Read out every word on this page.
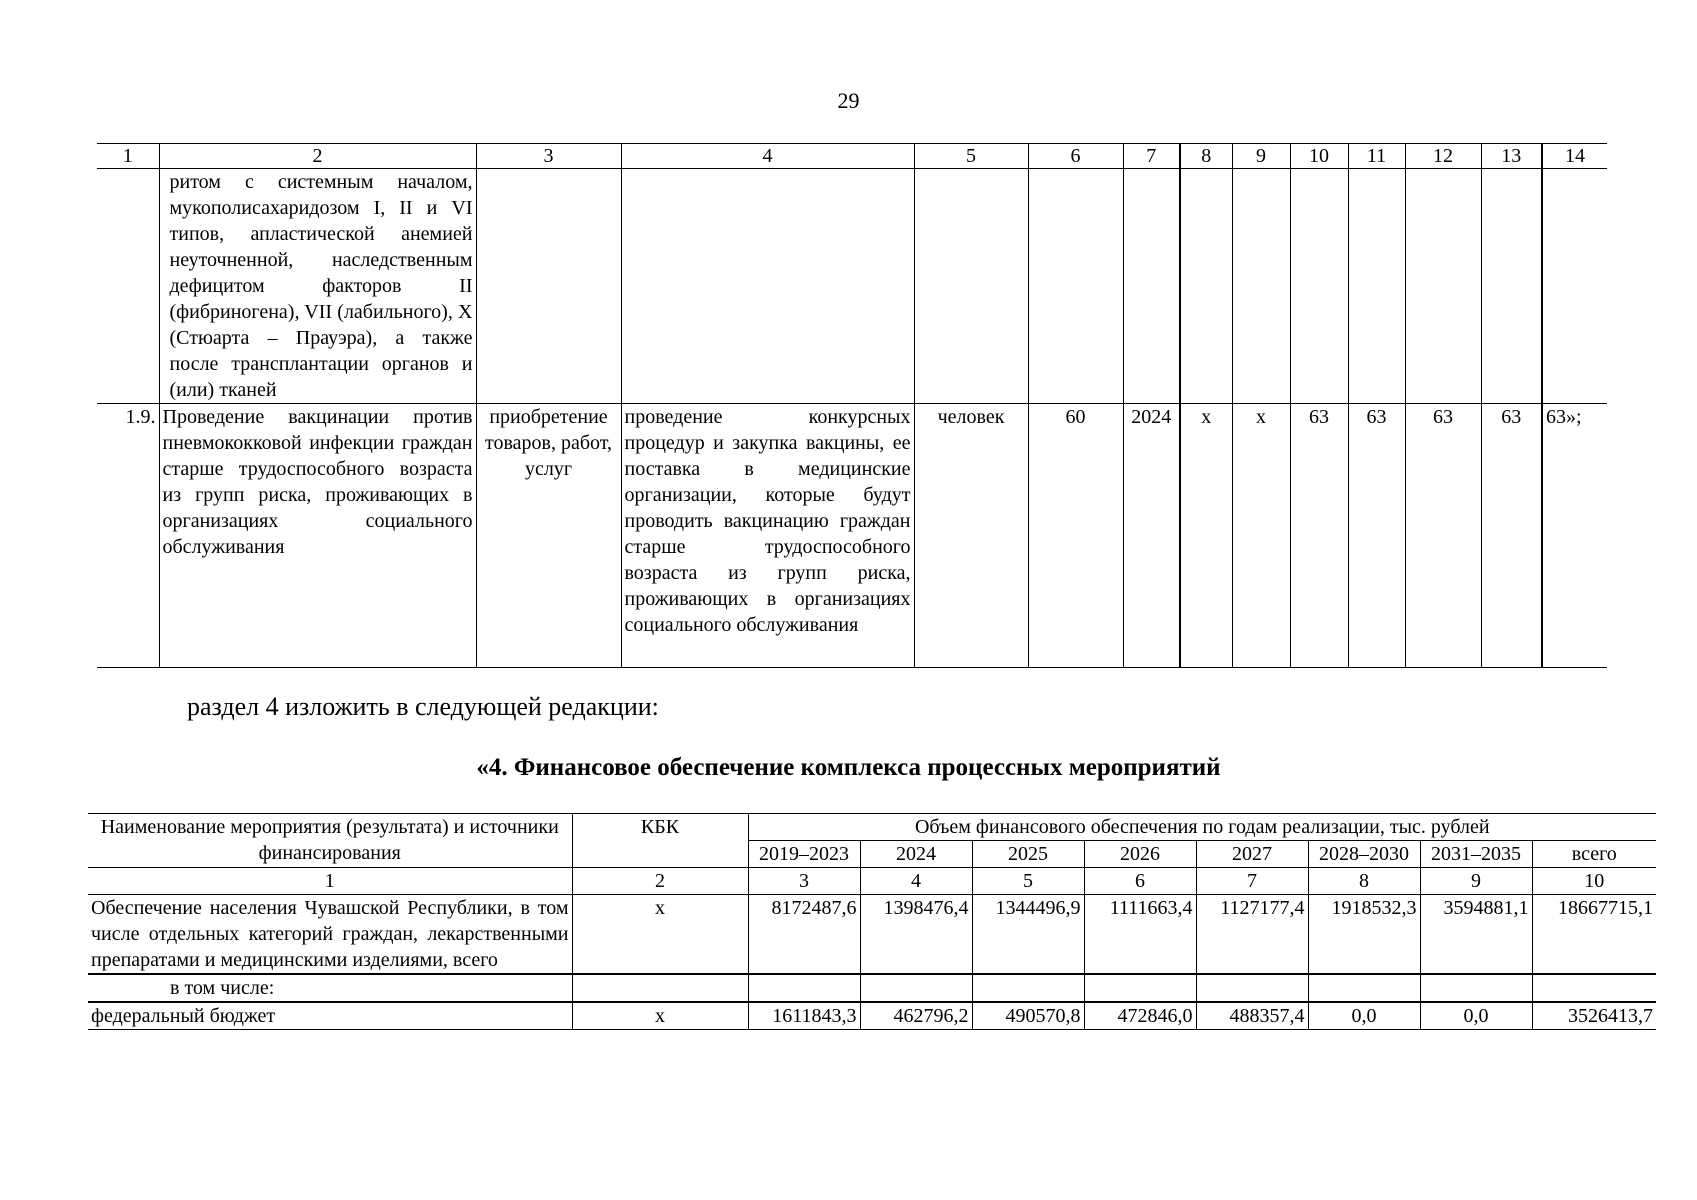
29
1	2	3	4	5	6	7	8	9	10	11	12	13	14
	ритом с системным началом, мукополисахаридозом I, II и VI типов, апластической анемией неуточненной, наследственным дефицитом факторов II (фибриногена), VII (лабильного), X (Стюарта – Прауэра), а также после трансплантации органов и (или) тканей												
1.9.	Проведение вакцинации против пневмококковой инфекции граждан старше трудоспособного возраста из групп риска, проживающих в организациях социального обслуживания	приобретение товаров, работ, услуг	проведение конкурсных процедур и закупка вакцины, ее поставка в медицинские организации, которые будут проводить вакцинацию граждан старше трудоспособного возраста из групп риска, проживающих в организациях социального обслуживания	человек	60	2024	х	х	63	63	63	63	63»;
раздел 4 изложить в следующей редакции:
«4. Финансовое обеспечение комплекса процессных мероприятий
Наименование мероприятия (результата) и источники финансирования	КБК	Объем финансового обеспечения по годам реализации, тыс. рублей							
		2019–2023	2024	2025	2026	2027	2028–2030	2031–2035	всего
1	2	3	4	5	6	7	8	9	10
Обеспечение населения Чувашской Республики, в том числе отдельных категорий граждан, лекарственными препаратами и медицинскими изделиями, всего	х	8172487,6	1398476,4	1344496,9	1111663,4	1127177,4	1918532,3	3594881,1	18667715,1
в том числе:									
федеральный бюджет	х	1611843,3	462796,2	490570,8	472846,0	488357,4	0,0	0,0	3526413,7
